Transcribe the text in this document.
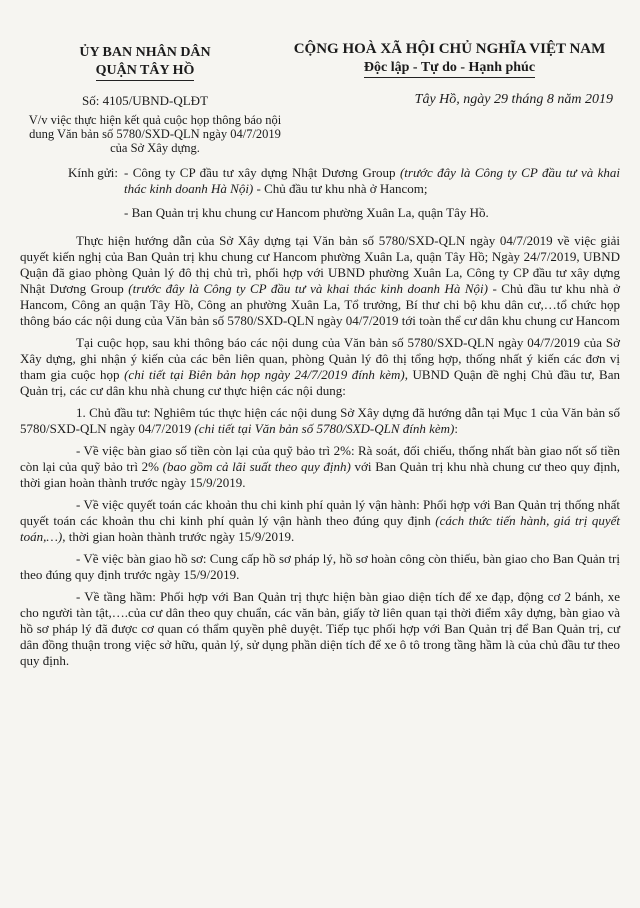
ỦY BAN NHÂN DÂN
QUẬN TÂY HỒ
Số: 4105/UBND-QLĐT
CỘNG HOÀ XÃ HỘI CHỦ NGHĨA VIỆT NAM
Độc lập - Tự do - Hạnh phúc
Tây Hồ, ngày 29 tháng 8 năm 2019
V/v việc thực hiện kết quả cuộc họp thông báo nội dung Văn bản số 5780/SXD-QLN ngày 04/7/2019 của Sở Xây dựng.
Kính gửi: - Công ty CP đầu tư xây dựng Nhật Dương Group (trước đây là Công ty CP đầu tư và khai thác kinh doanh Hà Nội) - Chủ đầu tư khu nhà ở Hancom;
- Ban Quản trị khu chung cư Hancom phường Xuân La, quận Tây Hồ.

Thực hiện hướng dẫn của Sở Xây dựng tại Văn bản số 5780/SXD-QLN ngày 04/7/2019 về việc giải quyết kiến nghị của Ban Quản trị khu chung cư Hancom phường Xuân La, quận Tây Hồ; Ngày 24/7/2019, UBND Quận đã giao phòng Quản lý đô thị chủ trì, phối hợp với UBND phường Xuân La, Công ty CP đầu tư xây dựng Nhật Dương Group (trước đây là Công ty CP đầu tư và khai thác kinh doanh Hà Nội) - Chủ đầu tư khu nhà ở Hancom, Công an quận Tây Hồ, Công an phường Xuân La, Tổ trưởng, Bí thư chi bộ khu dân cư,…tổ chức họp thông báo các nội dung của Văn bản số 5780/SXD-QLN ngày 04/7/2019 tới toàn thể cư dân khu chung cư Hancom

Tại cuộc họp, sau khi thông báo các nội dung của Văn bản số 5780/SXD-QLN ngày 04/7/2019 của Sở Xây dựng, ghi nhận ý kiến của các bên liên quan, phòng Quản lý đô thị tổng hợp, thống nhất ý kiến các đơn vị tham gia cuộc họp (chi tiết tại Biên bản họp ngày 24/7/2019 đính kèm), UBND Quận đề nghị Chủ đầu tư, Ban Quản trị, các cư dân khu nhà chung cư thực hiện các nội dung:

1. Chủ đầu tư: Nghiêm túc thực hiện các nội dung Sở Xây dựng đã hướng dẫn tại Mục 1 của Văn bản số 5780/SXD-QLN ngày 04/7/2019 (chi tiết tại Văn bản số 5780/SXD-QLN đính kèm):

- Về việc bàn giao số tiền còn lại của quỹ bảo trì 2%: Rà soát, đối chiếu, thống nhất bàn giao nốt số tiền còn lại của quỹ bảo trì 2% (bao gồm cả lãi suất theo quy định) với Ban Quản trị khu nhà chung cư theo quy định, thời gian hoàn thành trước ngày 15/9/2019.

- Về việc quyết toán các khoản thu chi kinh phí quản lý vận hành: Phối hợp với Ban Quản trị thống nhất quyết toán các khoản thu chi kinh phí quản lý vận hành theo đúng quy định (cách thức tiến hành, giá trị quyết toán,…), thời gian hoàn thành trước ngày 15/9/2019.

- Về việc bàn giao hồ sơ: Cung cấp hồ sơ pháp lý, hồ sơ hoàn công còn thiếu, bàn giao cho Ban Quản trị theo đúng quy định trước ngày 15/9/2019.

- Về tầng hầm: Phối hợp với Ban Quản trị thực hiện bàn giao diện tích để xe đạp, động cơ 2 bánh, xe cho người tàn tật,….của cư dân theo quy chuẩn, các văn bản, giấy tờ liên quan tại thời điểm xây dựng, bàn giao và hồ sơ pháp lý đã được cơ quan có thẩm quyền phê duyệt. Tiếp tục phối hợp với Ban Quản trị để Ban Quản trị, cư dân đồng thuận trong việc sở hữu, quản lý, sử dụng phần diện tích để xe ô tô trong tầng hầm là của chủ đầu tư theo quy định.
